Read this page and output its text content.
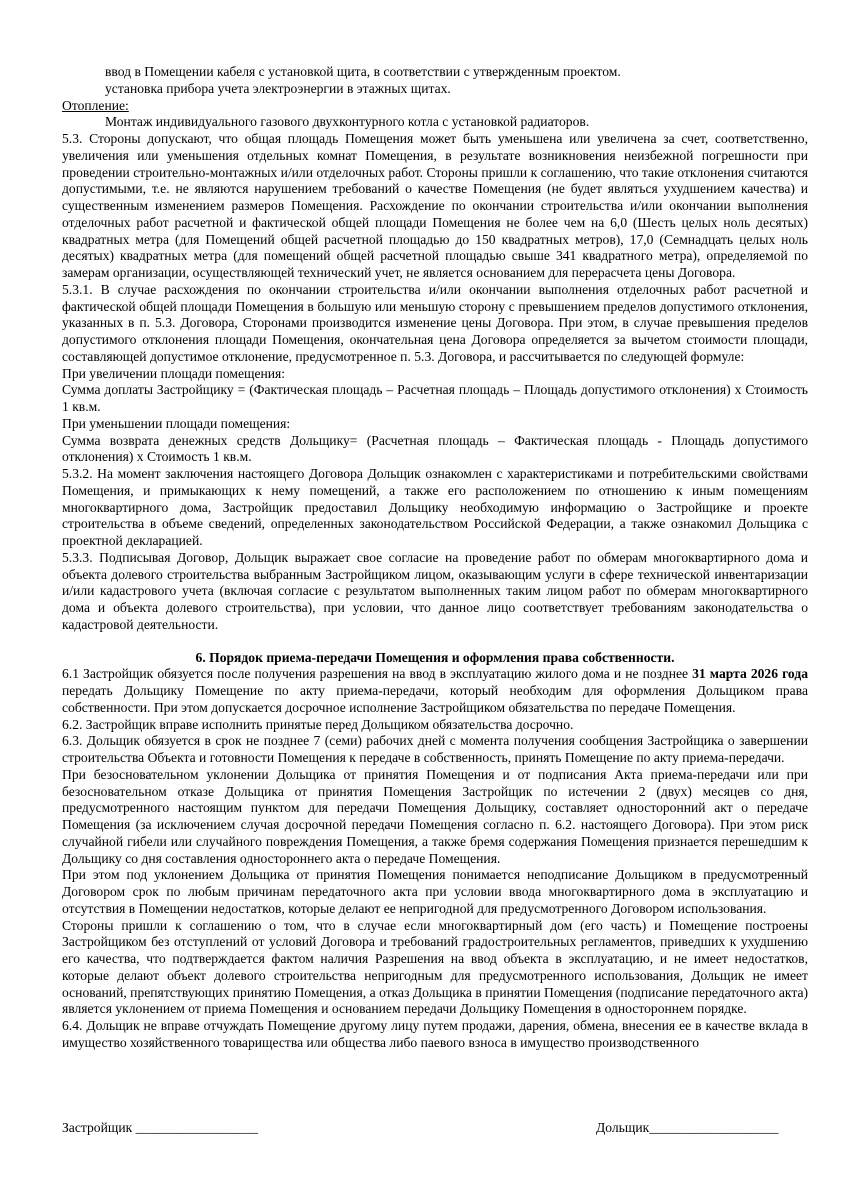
ввод в Помещении кабеля с установкой щита, в соответствии с утвержденным проектом.

установка прибора учета электроэнергии в этажных щитах.

Отопление:

Монтаж индивидуального газового двухконтурного котла с установкой радиаторов.

5.3. Стороны допускают, что общая площадь Помещения может быть уменьшена или увеличена за счет, соответственно, увеличения или уменьшения отдельных комнат Помещения, в результате возникновения неизбежной погрешности при проведении строительно-монтажных и/или отделочных работ. Стороны пришли к соглашению, что такие отклонения считаются допустимыми, т.е. не являются нарушением требований о качестве Помещения (не будет являться ухудшением качества) и существенным изменением размеров Помещения. Расхождение по окончании строительства и/или окончании выполнения отделочных работ расчетной и фактической общей площади Помещения не более чем на 6,0 (Шесть целых ноль десятых) квадратных метра (для Помещений общей расчетной площадью до 150 квадратных метров), 17,0 (Семнадцать целых ноль десятых) квадратных метра (для помещений общей расчетной площадью свыше 341 квадратного метра), определяемой по замерам организации, осуществляющей технический учет, не является основанием для перерасчета цены Договора.

5.3.1. В случае расхождения по окончании строительства и/или окончании выполнения отделочных работ расчетной и фактической общей площади Помещения в большую или меньшую сторону с превышением пределов допустимого отклонения, указанных в п. 5.3. Договора, Сторонами производится изменение цены Договора. При этом, в случае превышения пределов допустимого отклонения площади Помещения, окончательная цена Договора определяется за вычетом стоимости площади, составляющей допустимое отклонение, предусмотренное п. 5.3. Договора, и рассчитывается по следующей формуле:

При увеличении площади помещения:

Сумма доплаты Застройщику = (Фактическая площадь – Расчетная площадь – Площадь допустимого отклонения) х Стоимость 1 кв.м.

При уменьшении площади помещения:

Сумма возврата денежных средств Дольщику= (Расчетная площадь – Фактическая площадь - Площадь допустимого отклонения) х Стоимость 1 кв.м.

5.3.2. На момент заключения настоящего Договора Дольщик ознакомлен с характеристиками и потребительскими свойствами Помещения, и примыкающих к нему помещений, а также его расположением по отношению к иным помещениям многоквартирного дома, Застройщик предоставил Дольщику необходимую информацию о Застройщике и проекте строительства в объеме сведений, определенных законодательством Российской Федерации, а также ознакомил Дольщика с проектной декларацией.

5.3.3. Подписывая Договор, Дольщик выражает свое согласие на проведение работ по обмерам многоквартирного дома и объекта долевого строительства выбранным Застройщиком лицом, оказывающим услуги в сфере технической инвентаризации и/или кадастрового учета (включая согласие с результатом выполненных таким лицом работ по обмерам многоквартирного дома и объекта долевого строительства), при условии, что данное лицо соответствует требованиям законодательства о кадастровой деятельности.

6. Порядок приема-передачи Помещения и оформления права собственности.

6.1 Застройщик обязуется после получения разрешения на ввод в эксплуатацию жилого дома и не позднее 31 марта 2026 года передать Дольщику Помещение по акту приема-передачи, который необходим для оформления Дольщиком права собственности. При этом допускается досрочное исполнение Застройщиком обязательства по передаче Помещения.

6.2. Застройщик вправе исполнить принятые перед Дольщиком обязательства досрочно.

6.3. Дольщик обязуется в срок не позднее 7 (семи) рабочих дней с момента получения сообщения Застройщика о завершении строительства Объекта и готовности Помещения к передаче в собственность, принять Помещение по акту приема-передачи.

При безосновательном уклонении Дольщика от принятия Помещения и от подписания Акта приема-передачи или при безосновательном отказе Дольщика от принятия Помещения Застройщик по истечении 2 (двух) месяцев со дня, предусмотренного настоящим пунктом для передачи Помещения Дольщику, составляет односторонний акт о передаче Помещения (за исключением случая досрочной передачи Помещения согласно п. 6.2. настоящего Договора). При этом риск случайной гибели или случайного повреждения Помещения, а также бремя содержания Помещения признается перешедшим к Дольщику со дня составления одностороннего акта о передаче Помещения.

При этом под уклонением Дольщика от принятия Помещения понимается неподписание Дольщиком в предусмотренный Договором срок по любым причинам передаточного акта при условии ввода многоквартирного дома в эксплуатацию и отсутствия в Помещении недостатков, которые делают ее непригодной для предусмотренного Договором использования.

Стороны пришли к соглашению о том, что в случае если многоквартирный дом (его часть) и Помещение построены Застройщиком без отступлений от условий Договора и требований градостроительных регламентов, приведших к ухудшению его качества, что подтверждается фактом наличия Разрешения на ввод объекта в эксплуатацию, и не имеет недостатков, которые делают объект долевого строительства непригодным для предусмотренного использования, Дольщик не имеет оснований, препятствующих принятию Помещения, а отказ Дольщика в принятии Помещения (подписание передаточного акта) является уклонением от приема Помещения и основанием передачи Дольщику Помещения в одностороннем порядке.

6.4. Дольщик не вправе отчуждать Помещение другому лицу путем продажи, дарения, обмена, внесения ее в качестве вклада в имущество хозяйственного товарищества или общества либо паевого взноса в имущество производственного

Застройщик __________________	Дольщик___________________
